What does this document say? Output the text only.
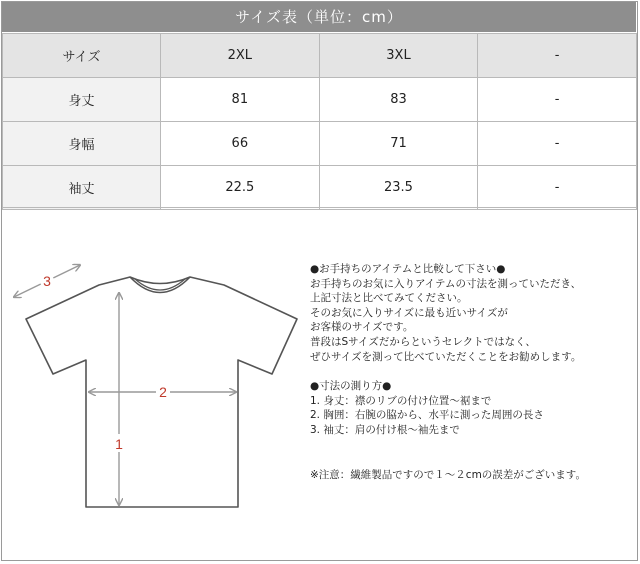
サイズ表（単位：cm）
サイズ	2XL	3XL	-
身丈	81	83	-
身幅	66	71	-
袖丈	22.5	23.5	-
3
2
1

●お手持ちのアイテムと比較して下さい●

お手持ちのお気に入りアイテムの寸法を測っていただき、

上記寸法と比べてみてください。

そのお気に入りサイズに最も近いサイズが

お客様のサイズです。

普段はSサイズだからというセレクトではなく、

ぜひサイズを測って比べていただくことをお勧めします。

●寸法の測り方●

1. 身丈：襟のリブの付け位置～裾まで

2. 胸囲：右腕の脇から、水平に測った周囲の長さ

3. 袖丈：肩の付け根～袖先まで

※注意：繊維製品ですので１～２cmの誤差がございます。
